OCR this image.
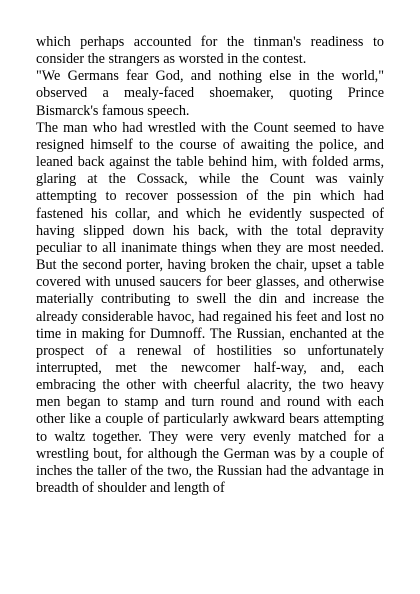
which perhaps accounted for the tinman's readiness to consider the strangers as worsted in the contest.

"We Germans fear God, and nothing else in the world," observed a mealy-faced shoemaker, quoting Prince Bismarck's famous speech.

The man who had wrestled with the Count seemed to have resigned himself to the course of awaiting the police, and leaned back against the table behind him, with folded arms, glaring at the Cossack, while the Count was vainly attempting to recover possession of the pin which had fastened his collar, and which he evidently suspected of having slipped down his back, with the total depravity peculiar to all inanimate things when they are most needed. But the second porter, having broken the chair, upset a table covered with unused saucers for beer glasses, and otherwise materially contributing to swell the din and increase the already considerable havoc, had regained his feet and lost no time in making for Dumnoff. The Russian, enchanted at the prospect of a renewal of hostilities so unfortunately interrupted, met the newcomer half-way, and, each embracing the other with cheerful alacrity, the two heavy men began to stamp and turn round and round with each other like a couple of particularly awkward bears attempting to waltz together. They were very evenly matched for a wrestling bout, for although the German was by a couple of inches the taller of the two, the Russian had the advantage in breadth of shoulder and length of
